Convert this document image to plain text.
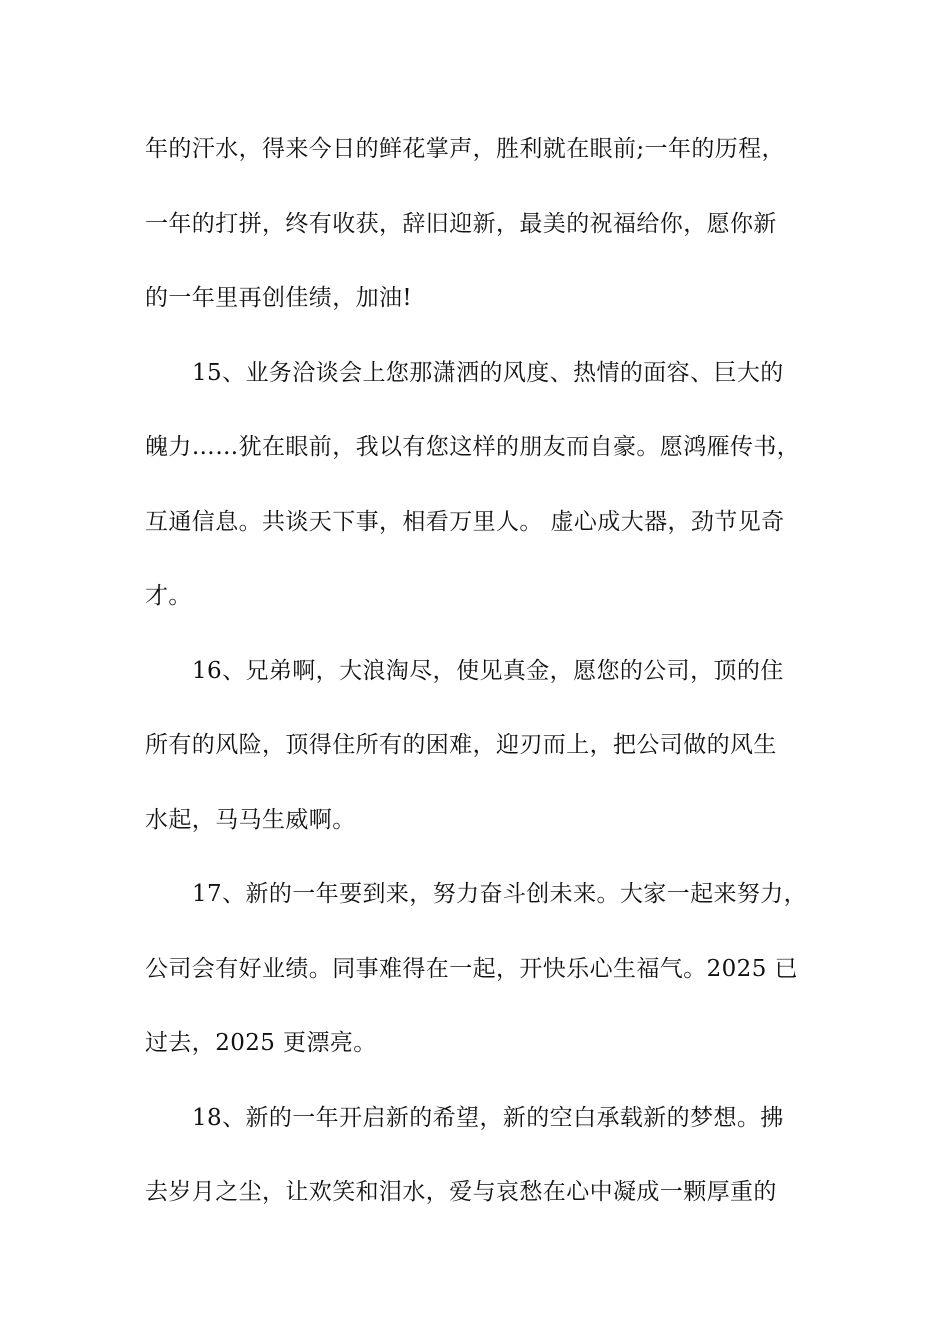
年的汗水，得来今日的鲜花掌声，胜利就在眼前;一年的历程，
一年的打拼，终有收获，辞旧迎新，最美的祝福给你，愿你新
的一年里再创佳绩，加油!
15、业务洽谈会上您那潇洒的风度、热情的面容、巨大的
魄力……犹在眼前，我以有您这样的朋友而自豪。愿鸿雁传书，
互通信息。共谈天下事，相看万里人。 虚心成大器，劲节见奇
才。
16、兄弟啊，大浪淘尽，使见真金，愿您的公司，顶的住
所有的风险，顶得住所有的困难，迎刃而上，把公司做的风生
水起，马马生威啊。
17、新的一年要到来，努力奋斗创未来。大家一起来努力，
公司会有好业绩。同事难得在一起，开快乐心生福气。2025 已
过去，2025 更漂亮。
18、新的一年开启新的希望，新的空白承载新的梦想。拂
去岁月之尘，让欢笑和泪水，爱与哀愁在心中凝成一颗厚重的
